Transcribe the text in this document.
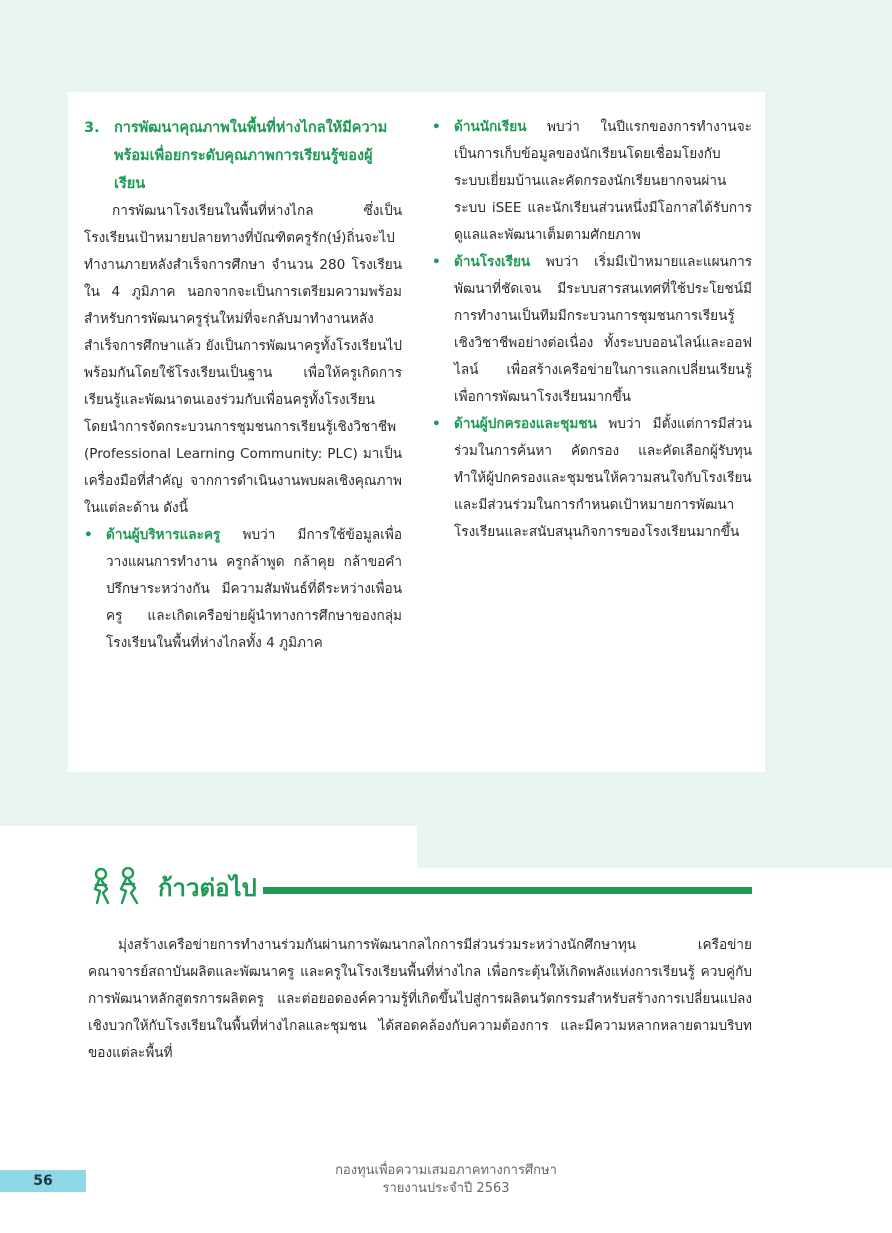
3. การพัฒนาคุณภาพในพื้นที่ห่างไกลให้มีความพร้อมเพื่อยกระดับคุณภาพการเรียนรู้ของผู้เรียน

การพัฒนาโรงเรียนในพื้นที่ห่างไกล ซึ่งเป็นโรงเรียนเป้าหมายปลายทางที่บัณฑิตครูรัก(ษ์)ถิ่นจะไปทำงานภายหลังสำเร็จการศึกษา จำนวน 280 โรงเรียน ใน 4 ภูมิภาค นอกจากจะเป็นการเตรียมความพร้อมสำหรับการพัฒนาครูรุ่นใหม่ที่จะกลับมาทำงานหลังสำเร็จการศึกษาแล้ว ยังเป็นการพัฒนาครูทั้งโรงเรียนไปพร้อมกันโดยใช้โรงเรียนเป็นฐาน เพื่อให้ครูเกิดการเรียนรู้และพัฒนาตนเองร่วมกับเพื่อนครูทั้งโรงเรียน โดยนำการจัดกระบวนการชุมชนการเรียนรู้เชิงวิชาชีพ (Professional Learning Community: PLC) มาเป็นเครื่องมือที่สำคัญ จากการดำเนินงานพบผลเชิงคุณภาพในแต่ละด้าน ดังนี้

• ด้านผู้บริหารและครู พบว่า มีการใช้ข้อมูลเพื่อวางแผนการทำงาน ครูกล้าพูด กล้าคุย กล้าขอคำปรึกษาระหว่างกัน มีความสัมพันธ์ที่ดีระหว่างเพื่อนครู และเกิดเครือข่ายผู้นำทางการศึกษาของกลุ่มโรงเรียนในพื้นที่ห่างไกลทั้ง 4 ภูมิภาค
• ด้านนักเรียน พบว่า ในปีแรกของการทำงานจะเป็นการเก็บข้อมูลของนักเรียนโดยเชื่อมโยงกับระบบเยี่ยมบ้านและคัดกรองนักเรียนยากจนผ่านระบบ iSEE และนักเรียนส่วนหนึ่งมีโอกาสได้รับการดูแลและพัฒนาเต็มตามศักยภาพ
• ด้านโรงเรียน พบว่า เริ่มมีเป้าหมายและแผนการพัฒนาที่ชัดเจน มีระบบสารสนเทศที่ใช้ประโยชน์มีการทำงานเป็นทีมมีกระบวนการชุมชนการเรียนรู้เชิงวิชาชีพอย่างต่อเนื่อง ทั้งระบบออนไลน์และออฟไลน์ เพื่อสร้างเครือข่ายในการแลกเปลี่ยนเรียนรู้ เพื่อการพัฒนาโรงเรียนมากขึ้น
• ด้านผู้ปกครองและชุมชน พบว่า มีตั้งแต่การมีส่วนร่วมในการค้นหา คัดกรอง และคัดเลือกผู้รับทุน ทำให้ผู้ปกครองและชุมชนให้ความสนใจกับโรงเรียน และมีส่วนร่วมในการกำหนดเป้าหมายการพัฒนาโรงเรียนและสนับสนุนกิจการของโรงเรียนมากขึ้น
ก้าวต่อไป

มุ่งสร้างเครือข่ายการทำงานร่วมกันผ่านการพัฒนากลไกการมีส่วนร่วมระหว่างนักศึกษาทุน เครือข่ายคณาจารย์สถาบันผลิตและพัฒนาครู และครูในโรงเรียนพื้นที่ห่างไกล เพื่อกระตุ้นให้เกิดพลังแห่งการเรียนรู้ ควบคู่กับการพัฒนาหลักสูตรการผลิตครู และต่อยอดองค์ความรู้ที่เกิดขึ้นไปสู่การผลิตนวัตกรรมสำหรับสร้างการเปลี่ยนแปลงเชิงบวกให้กับโรงเรียนในพื้นที่ห่างไกลและชุมชน ได้สอดคล้องกับความต้องการ และมีความหลากหลายตามบริบทของแต่ละพื้นที่

กองทุนเพื่อความเสมอภาคทางการศึกษา
รายงานประจำปี 2563
56
